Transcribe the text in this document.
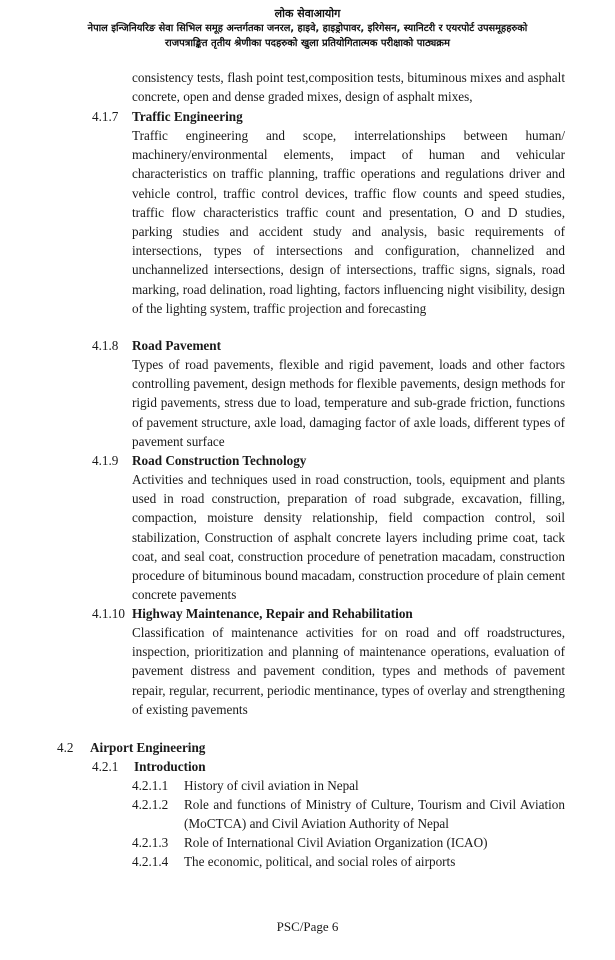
लोक सेवाआयोग
नेपाल इन्जिनियरिङ सेवा सिभिल समूह अन्तर्गतका जनरल, हाइवे, हाइड्रोपावर, इरिगेसन, स्यानिटरी र एयरपोर्ट उपसमूहहरुको
राजपत्राङ्कित तृतीय श्रेणीका पदहरुको खुला प्रतियोगितात्मक परीक्षाको पाठ्यक्रम
consistency tests, flash point test,composition tests, bituminous mixes and asphalt concrete, open and dense graded mixes, design of asphalt mixes,
4.1.7 Traffic Engineering
Traffic engineering and scope, interrelationships between human/ machinery/environmental elements, impact of human and vehicular characteristics on traffic planning, traffic operations and regulations driver and vehicle control, traffic control devices, traffic flow counts and speed studies, traffic flow characteristics traffic count and presentation, O and D studies, parking studies and accident study and analysis, basic requirements of intersections, types of intersections and configuration, channelized and unchannelized intersections, design of intersections, traffic signs, signals, road marking, road delination, road lighting, factors influencing night visibility, design of the lighting system, traffic projection and forecasting
4.1.8 Road Pavement
Types of road pavements, flexible and rigid pavement, loads and other factors controlling pavement, design methods for flexible pavements, design methods for rigid pavements, stress due to load, temperature and sub-grade friction, functions of pavement structure, axle load, damaging factor of axle loads, different types of pavement surface
4.1.9 Road Construction Technology
Activities and techniques used in road construction, tools, equipment and plants used in road construction, preparation of road subgrade, excavation, filling, compaction, moisture density relationship, field compaction control, soil stabilization, Construction of asphalt concrete layers including prime coat, tack coat, and seal coat, construction procedure of penetration macadam, construction procedure of bituminous bound macadam, construction procedure of plain cement concrete pavements
4.1.10 Highway Maintenance, Repair and Rehabilitation
Classification of maintenance activities for on road and off roadstructures, inspection, prioritization and planning of maintenance operations, evaluation of pavement distress and pavement condition, types and methods of pavement repair, regular, recurrent, periodic mentinance, types of overlay and strengthening of existing pavements
4.2 Airport Engineering
4.2.1 Introduction
4.2.1.1 History of civil aviation in Nepal
4.2.1.2 Role and functions of Ministry of Culture, Tourism and Civil Aviation (MoCTCA) and Civil Aviation Authority of Nepal
4.2.1.3 Role of International Civil Aviation Organization (ICAO)
4.2.1.4 The economic, political, and social roles of airports
PSC/Page 6
